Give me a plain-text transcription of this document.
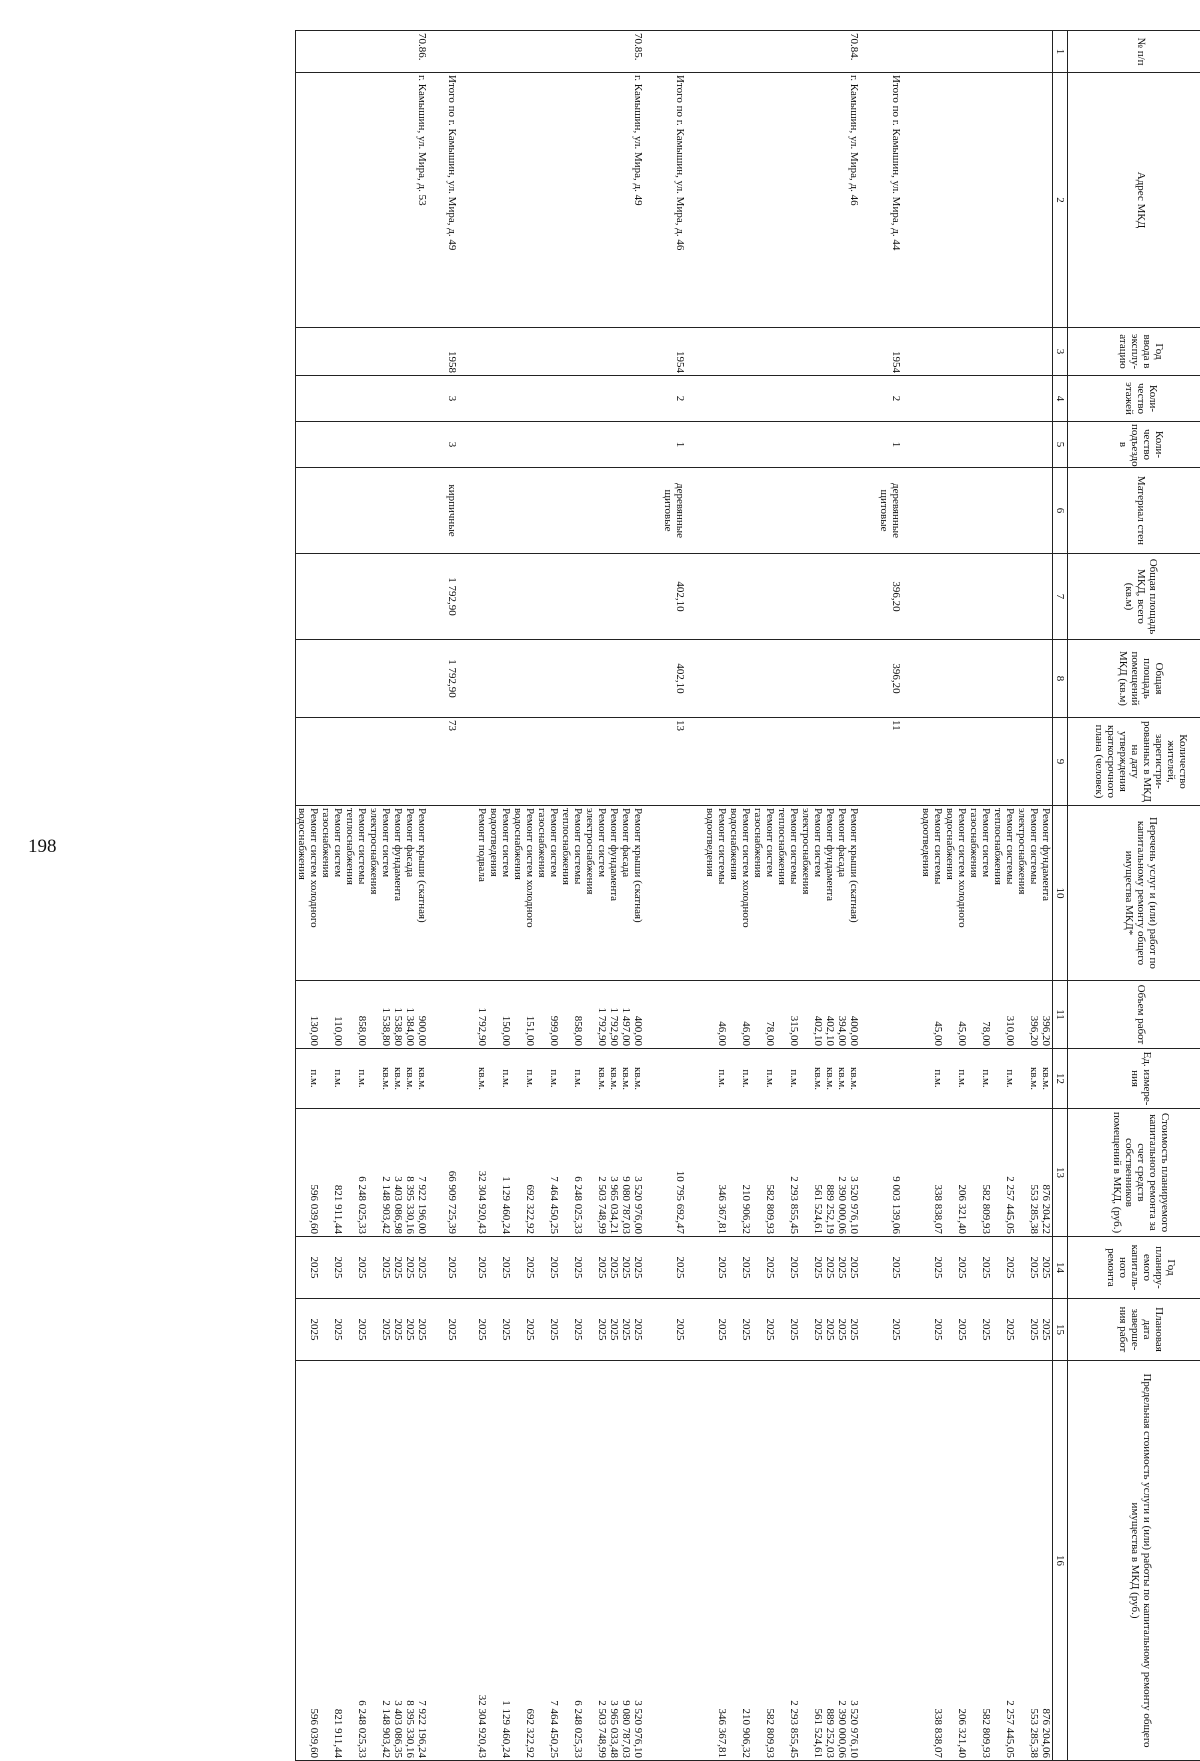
198
№ п/п	Адрес МКД	Год ввода в эксплу-атацию	Коли-чество этажей	Коли-чество подъездо в	Материал стен	Общая площадь МКД, всего (кв.м)	Общая площадь помещений МКД (кв.м)	Количество жителей, зарегистри-рованных в МКД на дату утверждения краткосрочного плана (человек)	Перечень услуг и (или) работ по капитальному ремонту общего имущества МКД*	Объем работ	Ед. измере-ния	Стоимость планируемого капитального ремонта за счет средств собственников помещений в МКД, (руб.)	Год планиру-емого капиталь-ного ремонта	Плановая дата заверше-ния работ	Предельная стоимость услуги и (или) работы по капитальному ремонту общего имущества в МКД (руб.)
1	2	3	4	5	6	7	8	9	10	11	12	13	14	15	16
									Ремонт фундамента	396,20	кв.м.	876 204,22	2025	2025	876 204,06
									Ремонт системы
электроснабжения	396,20	кв.м.	553 285,38	2025	2025	553 285,38
									Ремонт системы
теплоснабжения	310,00	п.м.	2 257 445,05	2025	2025	2 257 445,05
									Ремонт систем
газоснабжения	78,00	п.м.	582 809,93	2025	2025	582 809,93
									Ремонт систем холодного
водоснабжения	45,00	п.м.	206 321,40	2025	2025	206 321,40
									Ремонт системы
водоотведения	45,00	п.м.	338 838,07	2025	2025	338 838,07

	Итого по г. Камышин, ул. Мира, д. 44	1954	2	1	деревянные щитовые	396,20	396,20	11				9 003 139,06	2025	2025	

70.84.	г. Камышин, ул. Мира, д. 46								Ремонт крыши (скатная)	400,00	кв.м.	3 520 976,10	2025	2025	3 520 976,10
									Ремонт фасада	394,00	кв.м.	2 390 000,06	2025	2025	2 390 000,06
									Ремонт фундамента	402,10	кв.м.	889 252,19	2025	2025	889 252,03
									Ремонт систем
электроснабжения	402,10	кв.м.	561 524,61	2025	2025	561 524,61
									Ремонт системы
теплоснабжения	315,00	п.м.	2 293 855,45	2025	2025	2 293 855,45
									Ремонт систем
газоснабжения	78,00	п.м.	582 809,93	2025	2025	582 809,93
									Ремонт систем холодного
водоснабжения	46,00	п.м.	210 906,32	2025	2025	210 906,32
									Ремонт системы
водоотведения	46,00	п.м.	346 367,81	2025	2025	346 367,81

	Итого по г. Камышин, ул. Мира, д. 46	1954	2	1	деревянные щитовые	402,10	402,10	13				10 795 692,47	2025	2025	

70.85.	г. Камышин, ул. Мира, д. 49								Ремонт крыши (скатная)	400,00	кв.м.	3 520 976,00	2025	2025	3 520 976,10
									Ремонт фасада	1 497,00	кв.м.	9 080 787,03	2025	2025	9 080 787,03
									Ремонт фундамента	1 792,90	кв.м.	3 965 034,21	2025	2025	3 965 033,48
									Ремонт систем
электроснабжения	1 792,90	кв.м.	2 503 748,99	2025	2025	2 503 748,99
									Ремонт системы
теплоснабжения	858,00	п.м.	6 248 025,33	2025	2025	6 248 025,33
									Ремонт систем
газоснабжения	999,00	п.м.	7 464 450,25	2025	2025	7 464 450,25
									Ремонт систем холодного
водоснабжения	151,00	п.м.	692 322,92	2025	2025	692 322,92
									Ремонт систем
водоотведения	150,00	п.м.	1 129 460,24	2025	2025	1 129 460,24
									Ремонт подвала	1 792,90	кв.м.	32 304 920,43	2025	2025	32 304 920,43

	Итого по г. Камышин, ул. Мира, д. 49	1958	3	3	кирпичные	1 792,90	1 792,90	73				66 909 725,39	2025	2025	

70.86.	г. Камышин, ул. Мира, д. 53								Ремонт крыши (скатная)	900,00	кв.м.	7 922 196,00	2025	2025	7 922 196,24
									Ремонт фасада	1 384,00	кв.м.	8 395 330,16	2025	2025	8 395 330,16
									Ремонт фундамента	1 538,80	кв.м.	3 403 086,98	2025	2025	3 403 086,35
									Ремонт систем
электроснабжения	1 538,80	кв.м.	2 148 903,42	2025	2025	2 148 903,42
									Ремонт системы
теплоснабжения	858,00	п.м.	6 248 025,33	2025	2025	6 248 025,33
									Ремонт систем
газоснабжения	110,00	п.м.	821 911,44	2025	2025	821 911,44
									Ремонт систем холодного
водоснабжения	130,00	п.м.	596 039,60	2025	2025	596 039,60
